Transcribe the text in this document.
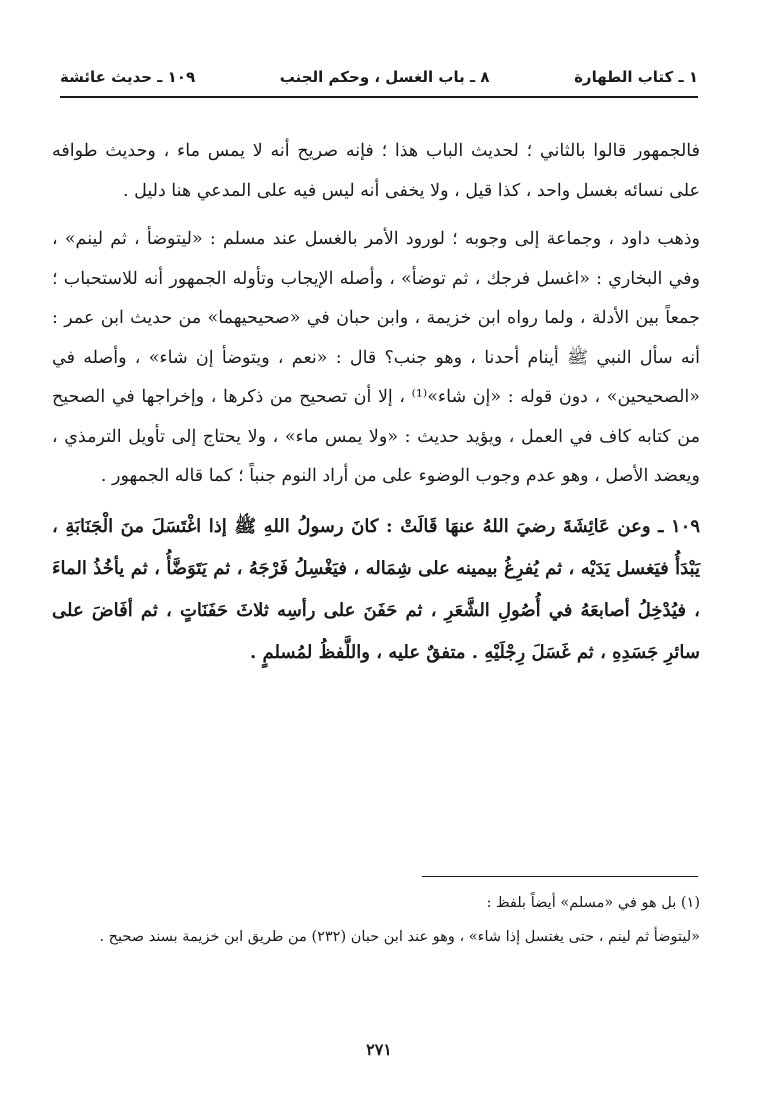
١ ـ كتاب الطهارة
٨ ـ باب الغسل ، وحكم الجنب
١٠٩ ـ حديث عائشة

فالجمهور قالوا بالثاني ؛ لحديث الباب هذا ؛ فإنه صريح أنه لا يمس ماء ، وحديث طوافه على نسائه بغسل واحد ، كذا قيل ، ولا يخفى أنه ليس فيه على المدعي هنا دليل .

وذهب داود ، وجماعة إلى وجوبه ؛ لورود الأمر بالغسل عند مسلم : «ليتوضأ ، ثم لينم» ، وفي البخاري : «اغسل فرجك ، ثم توضأ» ، وأصله الإيجاب وتأوله الجمهور أنه للاستحباب ؛ جمعاً بين الأدلة ، ولما رواه ابن خزيمة ، وابن حبان في «صحيحيهما» من حديث ابن عمر : أنه سأل النبي ﷺ أينام أحدنا ، وهو جنب؟ قال : «نعم ، ويتوضأ إن شاء» ، وأصله في «الصحيحين» ، دون قوله : «إن شاء»⁽¹⁾ ، إلا أن تصحيح من ذكرها ، وإخراجها في الصحيح من كتابه كاف في العمل ، ويؤيد حديث : «ولا يمس ماء» ، ولا يحتاج إلى تأويل الترمذي ، ويعضد الأصل ، وهو عدم وجوب الوضوء على من أراد النوم جنباً ؛ كما قاله الجمهور .

١٠٩ ـ وعن عَائِشَةَ رضيَ اللهُ عنهَا قَالَتْ : كانَ رسولُ اللهِ ﷺ إذا اغْتَسَلَ منَ الْجَنَابَةِ ، يَبْدَأُ فيَغسل يَدَيْه ، ثم يُفرِغُ بيمينه على شِمَاله ، فيَغْسِلُ فَرْجَهُ ، ثم يَتَوَضَّأُ ، ثم يأخُذُ الماءَ ، فيُدْخِلُ أصابعَهُ في أُصُولِ الشَّعَرِ ، ثم حَفَنَ على رأسِه ثلاثَ حَفَنَاتٍ ، ثم أفَاضَ على سائرِ جَسَدِهِ ، ثم غَسَلَ رِجْلَيْهِ . متفقٌ عليه ، واللَّفظُ لمُسلمٍ .

(١) بل هو في «مسلم» أيضاً بلفظ :

«ليتوضأ ثم لينم ، حتى يغتسل إذا شاء» ، وهو عند ابن حبان (٢٣٢) من طريق ابن خزيمة بسند صحيح .

٢٧١
